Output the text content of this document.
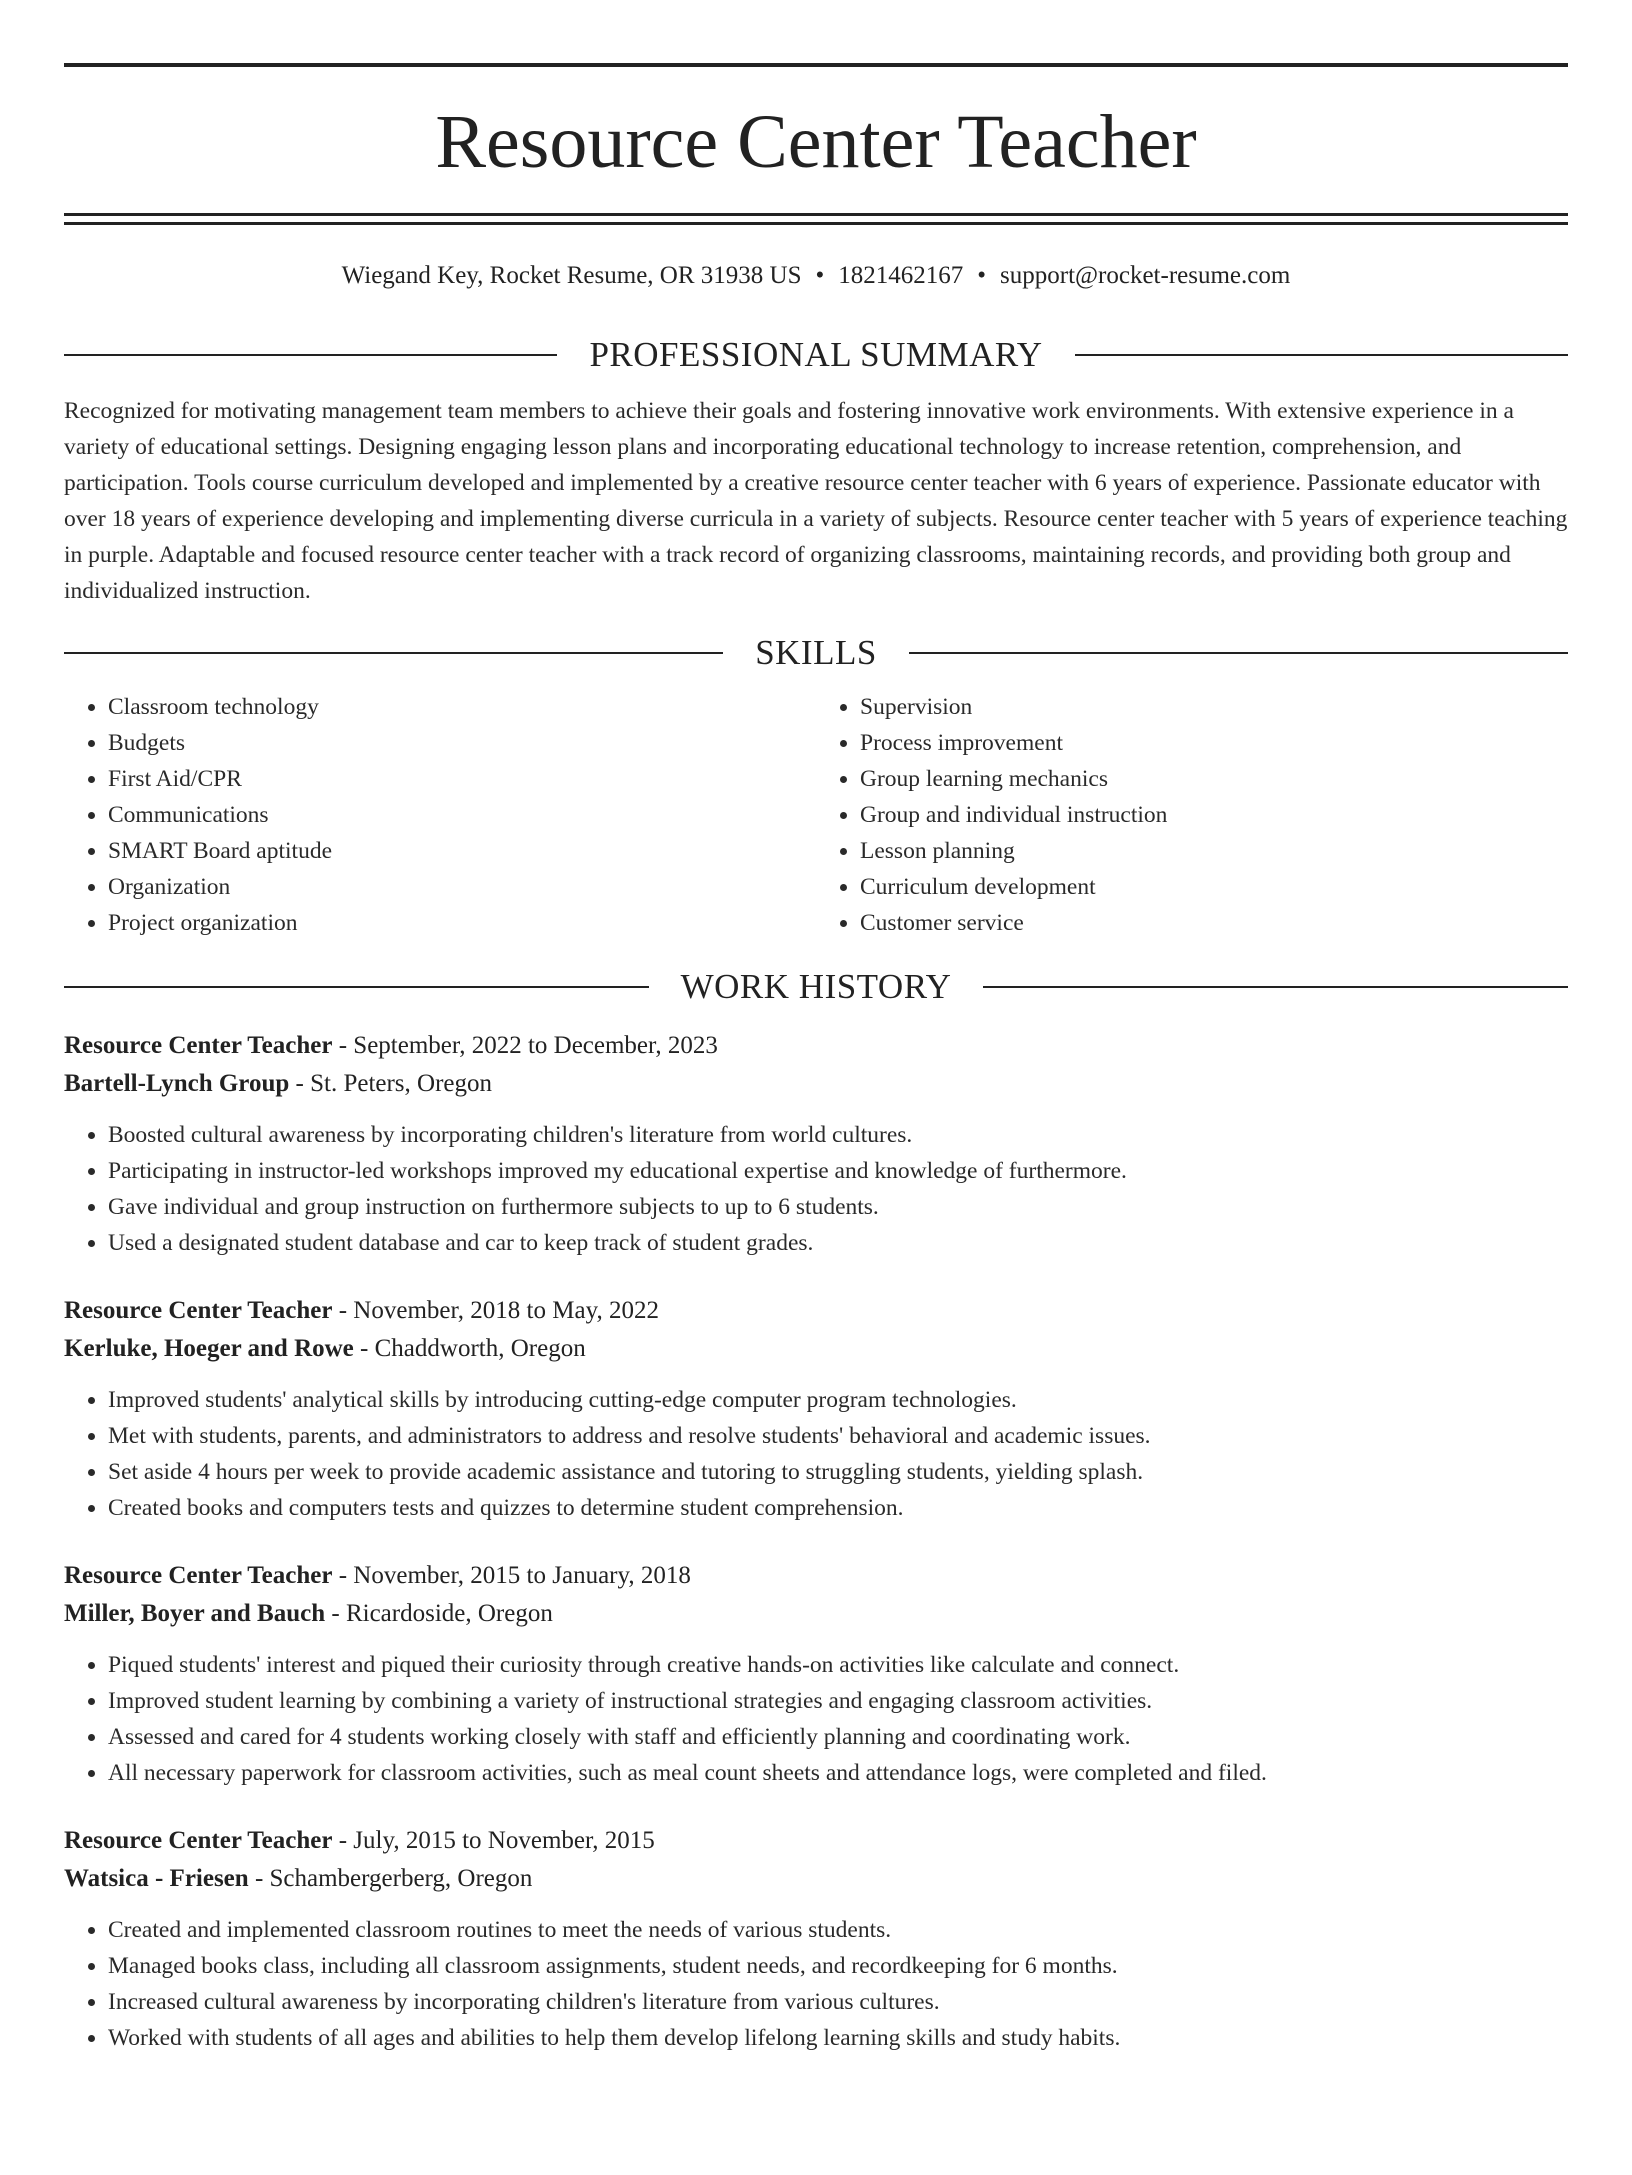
Resource Center Teacher
Wiegand Key, Rocket Resume, OR 31938 US • 1821462167 • support@rocket-resume.com
PROFESSIONAL SUMMARY
Recognized for motivating management team members to achieve their goals and fostering innovative work environments. With extensive experience in a variety of educational settings. Designing engaging lesson plans and incorporating educational technology to increase retention, comprehension, and participation. Tools course curriculum developed and implemented by a creative resource center teacher with 6 years of experience. Passionate educator with over 18 years of experience developing and implementing diverse curricula in a variety of subjects. Resource center teacher with 5 years of experience teaching in purple. Adaptable and focused resource center teacher with a track record of organizing classrooms, maintaining records, and providing both group and individualized instruction.
SKILLS
• Classroom technology
• Budgets
• First Aid/CPR
• Communications
• SMART Board aptitude
• Organization
• Project organization
• Supervision
• Process improvement
• Group learning mechanics
• Group and individual instruction
• Lesson planning
• Curriculum development
• Customer service
WORK HISTORY
Resource Center Teacher - September, 2022 to December, 2023
Bartell-Lynch Group - St. Peters, Oregon
• Boosted cultural awareness by incorporating children's literature from world cultures.
• Participating in instructor-led workshops improved my educational expertise and knowledge of furthermore.
• Gave individual and group instruction on furthermore subjects to up to 6 students.
• Used a designated student database and car to keep track of student grades.
Resource Center Teacher - November, 2018 to May, 2022
Kerluke, Hoeger and Rowe - Chaddworth, Oregon
• Improved students' analytical skills by introducing cutting-edge computer program technologies.
• Met with students, parents, and administrators to address and resolve students' behavioral and academic issues.
• Set aside 4 hours per week to provide academic assistance and tutoring to struggling students, yielding splash.
• Created books and computers tests and quizzes to determine student comprehension.
Resource Center Teacher - November, 2015 to January, 2018
Miller, Boyer and Bauch - Ricardoside, Oregon
• Piqued students' interest and piqued their curiosity through creative hands-on activities like calculate and connect.
• Improved student learning by combining a variety of instructional strategies and engaging classroom activities.
• Assessed and cared for 4 students working closely with staff and efficiently planning and coordinating work.
• All necessary paperwork for classroom activities, such as meal count sheets and attendance logs, were completed and filed.
Resource Center Teacher - July, 2015 to November, 2015
Watsica - Friesen - Schambergerberg, Oregon
• Created and implemented classroom routines to meet the needs of various students.
• Managed books class, including all classroom assignments, student needs, and recordkeeping for 6 months.
• Increased cultural awareness by incorporating children's literature from various cultures.
• Worked with students of all ages and abilities to help them develop lifelong learning skills and study habits.
